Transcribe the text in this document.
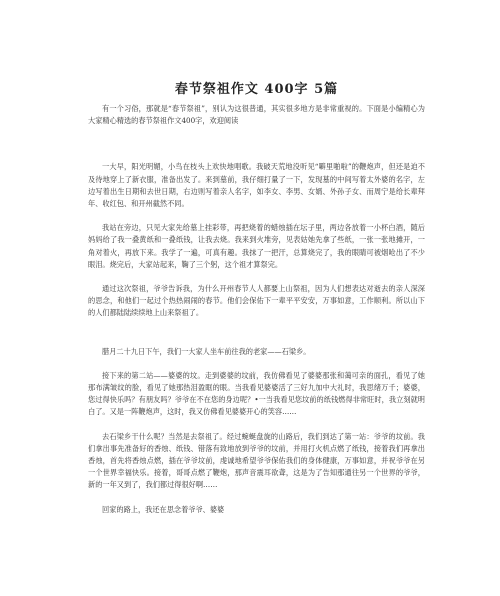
春节祭祖作文 400字 5篇

有一个习俗，那就是“春节祭祖”，别认为这很普通，其实很多地方是非常重视的。下面是小编精心为大家精心精选的春节祭祖作文400字，欢迎阅读

一大早，阳光明媚，小鸟在枝头上欢快地唱歌。我破天荒地没听见“噼里啪啦”的鞭炮声，但还是迫不及待地穿上了新衣服，准备出发了。来到墓前，我仔细打量了一下，发现墓的中间写着太外婆的名字，左边写着出生日期和去世日期，右边则写着亲人名字，如李女、李男、女婿、外孙子女、而周宁是给长辈拜年、收红包、和开州截然不同。

我站在旁边，只见大家先给墓上挂彩带，再把烧着的蜡烛插在坛子里，两边各放着一小杯白酒，随后妈妈给了我一叠黄纸和一叠纸钱，让我去烧。我来到火堆旁，见表姑她先拿了些纸，一张一张地摊开，一角对着火，再放下来。我学了一遍，可真有趣。我抹了一把汗，总算烧完了，我的眼睛可被烟呛出了不少眼泪。烧完后，大家站起来，鞠了三个躬，这个祖才算祭完。

通过这次祭祖，爷爷告诉我，为什么开州春节人人都要上山祭祖，因为人们想表达对逝去的亲人深深的思念，和他们一起过个热热闹闹的春节。他们会保佑下一辈平平安安，万事如意，工作顺利。所以山下的人们都陆陆续续地上山来祭祖了。

腊月二十九日下午，我们一大家人坐车前往我的老家——石梁乡。

接下来的第二站——婆婆的坟。走到婆婆的坟前，我仿佛看见了婆婆那张和蔼可亲的面孔，看见了她那布满皱纹的脸，看见了她那热泪盈眶的眼。当我看见婆婆活了三好九加中大礼时，我思绪万千；婆婆，您过得快乐吗？有朋友吗？爷爷在不在您的身边呢？•一当我看见您坟前的纸钱燃得非常旺时，我立刻就明白了。又是一阵鞭炮声，这时，我又仿佛看见婆婆开心的笑容……

去石梁乡干什么呢？当然是去祭祖了。经过蜿蜒盘旋的山路后，我们到达了第一站：爷爷的坟前。我们拿出事先准备好的香烛、纸钱、错落有致地放到爷爷的坟前，并用打火机点燃了纸钱，接着我们再拿出香烛，首先将香烛点燃，插在爷爷坟前，虔诚地希望爷爷保佑我们的身体健康，万事如意，并祝爷爷在另一个世界幸福快乐。接着，哥哥点燃了鞭炮，那声音震耳欲聋，这是为了告知那通往另一个世界的爷爷，新的一年又到了，我们都过得很好啊……

回家的路上，我还在思念着爷爷、婆婆
